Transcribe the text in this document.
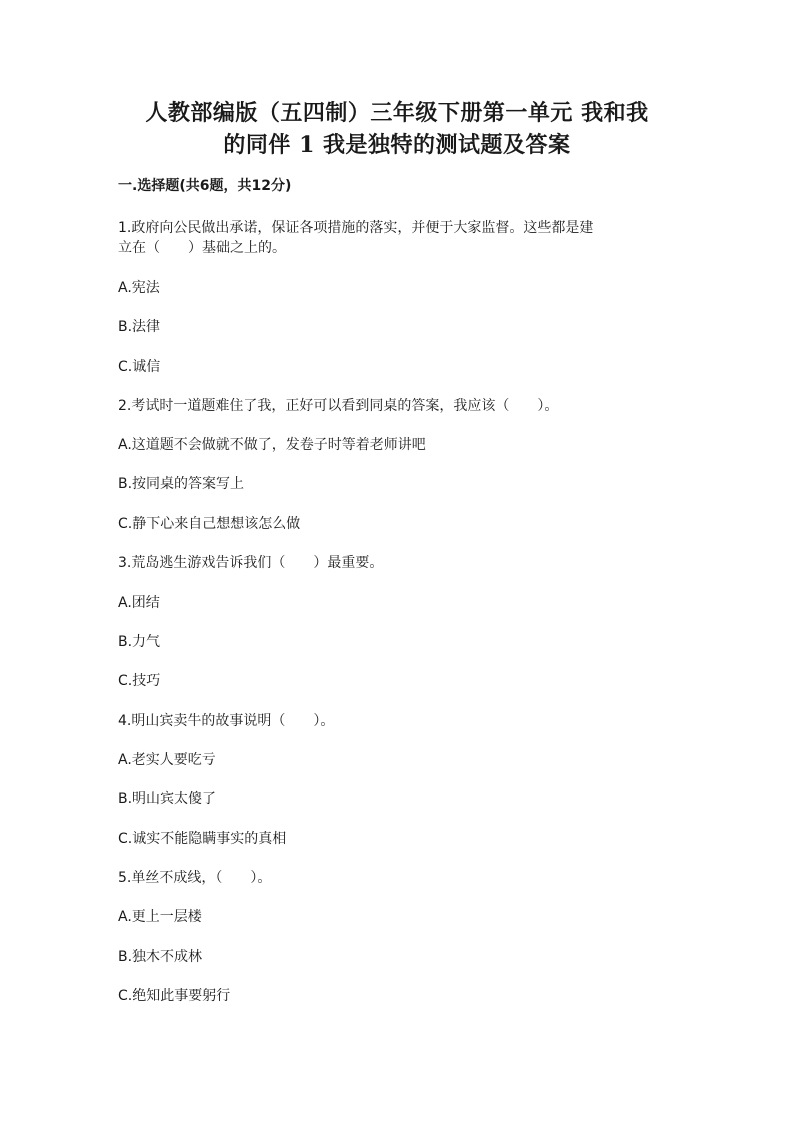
人教部编版（五四制）三年级下册第一单元 我和我
的同伴 1 我是独特的测试题及答案
一.选择题(共6题，共12分)

1.政府向公民做出承诺，保证各项措施的落实，并便于大家监督。这些都是建

立在（　　）基础之上的。

A.宪法

B.法律

C.诚信

2.考试时一道题难住了我，正好可以看到同桌的答案，我应该（　　）。

A.这道题不会做就不做了，发卷子时等着老师讲吧

B.按同桌的答案写上

C.静下心来自己想想该怎么做

3.荒岛逃生游戏告诉我们（　　）最重要。

A.团结

B.力气

C.技巧

4.明山宾卖牛的故事说明（　　）。

A.老实人要吃亏

B.明山宾太傻了

C.诚实不能隐瞒事实的真相

5.单丝不成线，（　　）。

A.更上一层楼

B.独木不成林

C.绝知此事要躬行
